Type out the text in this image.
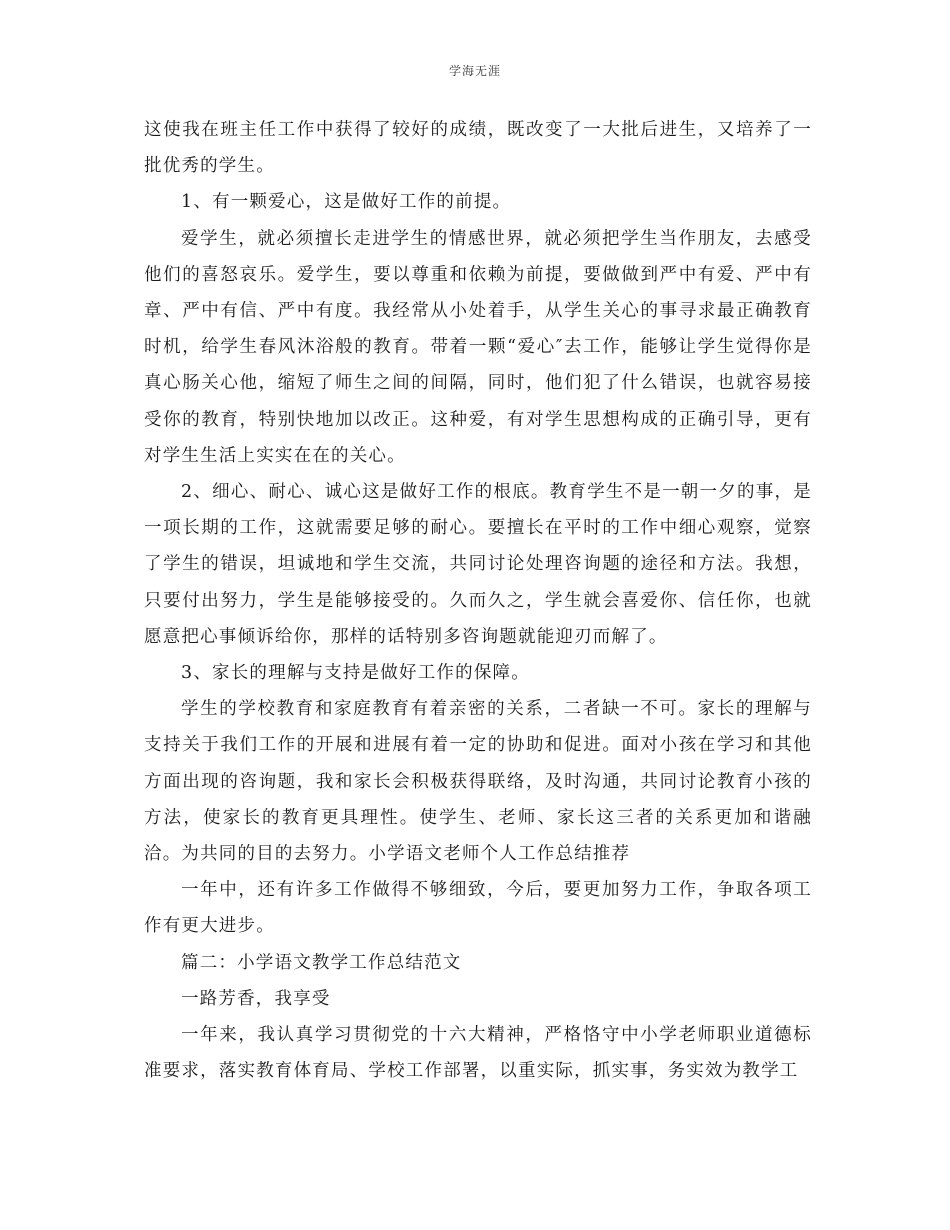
学海无涯

这使我在班主任工作中获得了较好的成绩，既改变了一大批后进生，又培养了一批优秀的学生。

1、有一颗爱心，这是做好工作的前提。

爱学生，就必须擅长走进学生的情感世界，就必须把学生当作朋友，去感受他们的喜怒哀乐。爱学生，要以尊重和依赖为前提，要做做到严中有爱、严中有章、严中有信、严中有度。我经常从小处着手，从学生关心的事寻求最正确教育时机，给学生春风沐浴般的教育。带着一颗“爱心″去工作，能够让学生觉得你是真心肠关心他，缩短了师生之间的间隔，同时，他们犯了什么错误，也就容易接受你的教育，特别快地加以改正。这种爱，有对学生思想构成的正确引导，更有对学生生活上实实在在的关心。

2、细心、耐心、诚心这是做好工作的根底。教育学生不是一朝一夕的事，是一项长期的工作，这就需要足够的耐心。要擅长在平时的工作中细心观察，觉察了学生的错误，坦诚地和学生交流，共同讨论处理咨询题的途径和方法。我想，只要付出努力，学生是能够接受的。久而久之，学生就会喜爱你、信任你，也就愿意把心事倾诉给你，那样的话特别多咨询题就能迎刃而解了。

3、家长的理解与支持是做好工作的保障。

学生的学校教育和家庭教育有着亲密的关系，二者缺一不可。家长的理解与支持关于我们工作的开展和进展有着一定的协助和促进。面对小孩在学习和其他方面出现的咨询题，我和家长会积极获得联络，及时沟通，共同讨论教育小孩的方法，使家长的教育更具理性。使学生、老师、家长这三者的关系更加和谐融洽。为共同的目的去努力。小学语文老师个人工作总结推荐

一年中，还有许多工作做得不够细致，今后，要更加努力工作，争取各项工作有更大进步。

篇二：小学语文教学工作总结范文

一路芳香，我享受

一年来，我认真学习贯彻党的十六大精神，严格恪守中小学老师职业道德标准要求，落实教育体育局、学校工作部署，以重实际，抓实事，务实效为教学工
